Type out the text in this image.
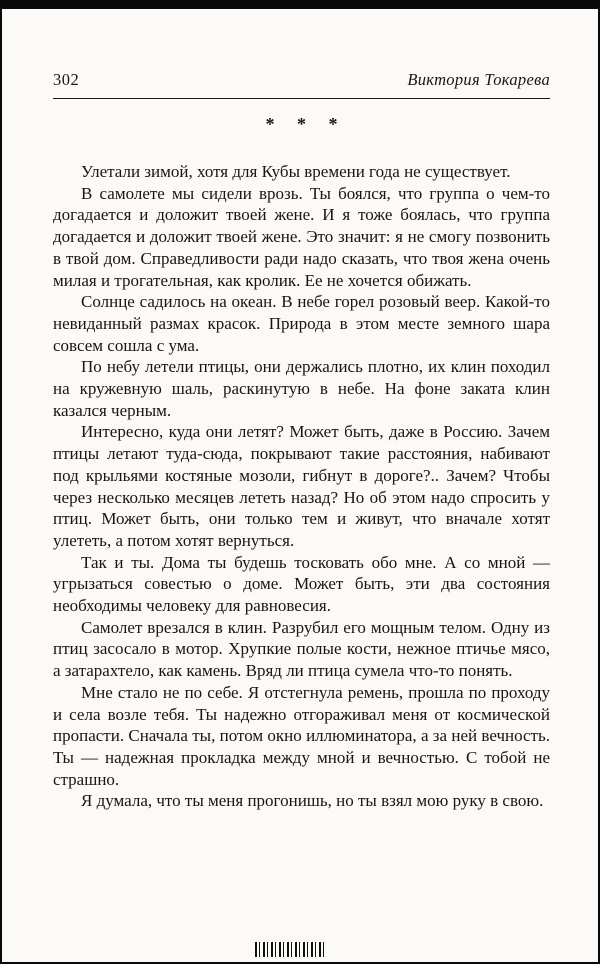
302	Виктория Токарева
* * *

Улетали зимой, хотя для Кубы времени года не существует.

В самолете мы сидели врозь. Ты боялся, что группа о чем-то догадается и доложит твоей жене. И я тоже боялась, что группа догадается и доложит твоей жене. Это значит: я не смогу позвонить в твой дом. Справедливости ради надо сказать, что твоя жена очень милая и трогательная, как кролик. Ее не хочется обижать.

Солнце садилось на океан. В небе горел розовый веер. Какой-то невиданный размах красок. Природа в этом месте земного шара совсем сошла с ума.

По небу летели птицы, они держались плотно, их клин походил на кружевную шаль, раскинутую в небе. На фоне заката клин казался черным.

Интересно, куда они летят? Может быть, даже в Россию. Зачем птицы летают туда-сюда, покрывают такие расстояния, набивают под крыльями костяные мозоли, гибнут в дороге?.. Зачем? Чтобы через несколько месяцев лететь назад? Но об этом надо спросить у птиц. Может быть, они только тем и живут, что вначале хотят улететь, а потом хотят вернуться.

Так и ты. Дома ты будешь тосковать обо мне. А со мной — угрызаться совестью о доме. Может быть, эти два состояния необходимы человеку для равновесия.

Самолет врезался в клин. Разрубил его мощным телом. Одну из птиц засосало в мотор. Хрупкие полые кости, нежное птичье мясо, а затарахтело, как камень. Вряд ли птица сумела что-то понять.

Мне стало не по себе. Я отстегнула ремень, прошла по проходу и села возле тебя. Ты надежно отгораживал меня от космической пропасти. Сначала ты, потом окно иллюминатора, а за ней вечность. Ты — надежная прокладка между мной и вечностью. С тобой не страшно.

Я думала, что ты меня прогонишь, но ты взял мою руку в свою.
